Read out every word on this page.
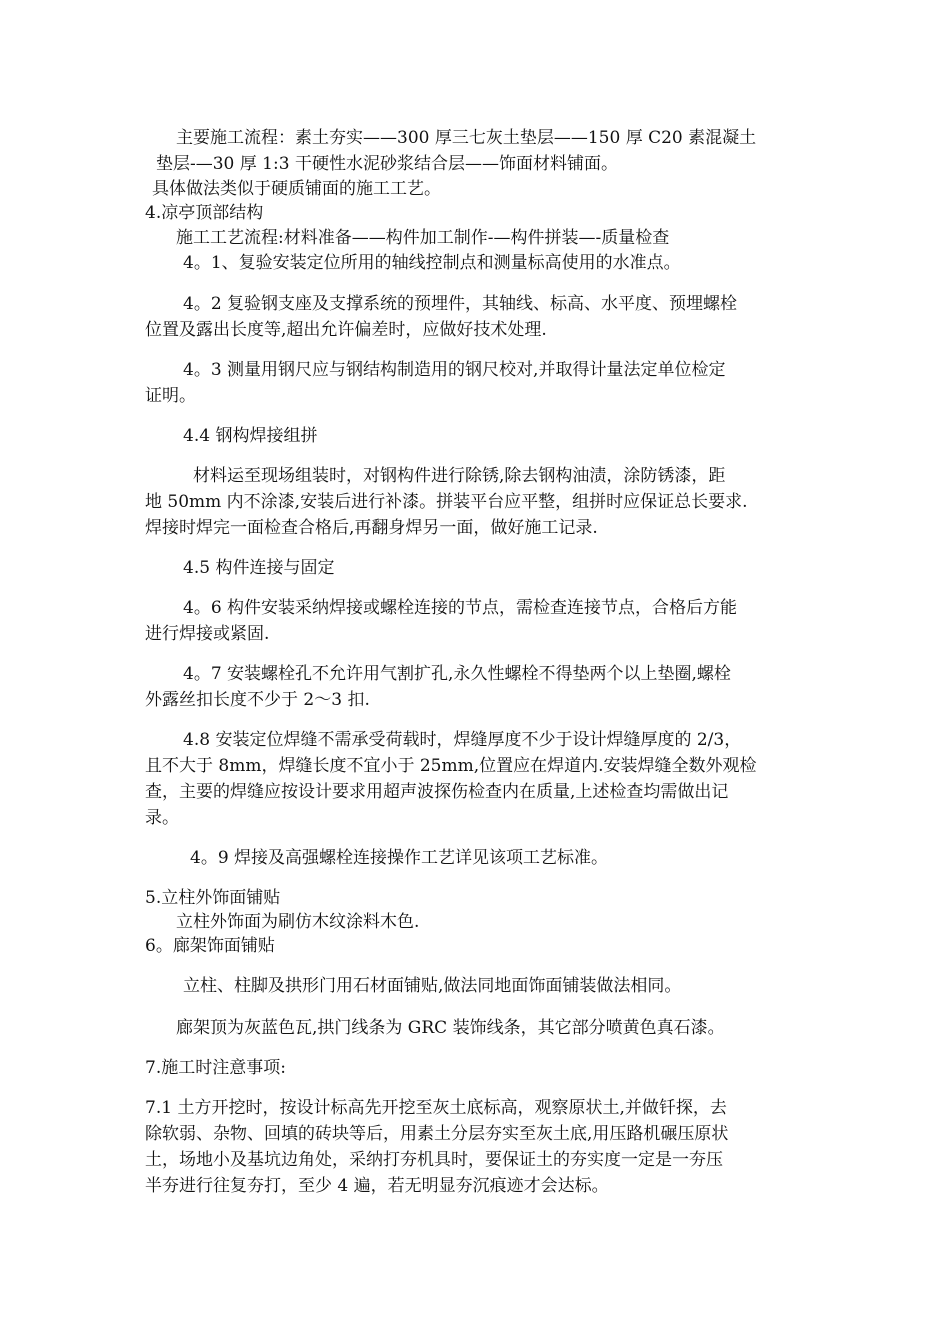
主要施工流程：素土夯实——300 厚三七灰土垫层——150 厚 C20 素混凝土
垫层-—30 厚 1:3 干硬性水泥砂浆结合层——饰面材料铺面。
具体做法类似于硬质铺面的施工工艺。
4.凉亭顶部结构
施工工艺流程:材料准备——构件加工制作-—构件拼装—-质量检查
4。1、复验安装定位所用的轴线控制点和测量标高使用的水准点。
4。2 复验钢支座及支撑系统的预埋件，其轴线、标高、水平度、预埋螺栓
位置及露出长度等,超出允许偏差时，应做好技术处理.
4。3 测量用钢尺应与钢结构制造用的钢尺校对,并取得计量法定单位检定
证明。
4.4 钢构焊接组拼
材料运至现场组装时，对钢构件进行除锈,除去钢构油渍，涂防锈漆，距
地 50mm 内不涂漆,安装后进行补漆。拼装平台应平整，组拼时应保证总长要求.
焊接时焊完一面检查合格后,再翻身焊另一面，做好施工记录.
4.5 构件连接与固定
4。6 构件安装采纳焊接或螺栓连接的节点，需检查连接节点，合格后方能
进行焊接或紧固.
4。7 安装螺栓孔不允许用气割扩孔,永久性螺栓不得垫两个以上垫圈,螺栓
外露丝扣长度不少于 2～3 扣.
4.8 安装定位焊缝不需承受荷载时，焊缝厚度不少于设计焊缝厚度的 2/3，
且不大于 8mm，焊缝长度不宜小于 25mm,位置应在焊道内.安装焊缝全数外观检
查，主要的焊缝应按设计要求用超声波探伤检查内在质量,上述检查均需做出记
录。
4。9 焊接及高强螺栓连接操作工艺详见该项工艺标准。
5.立柱外饰面铺贴
立柱外饰面为刷仿木纹涂料木色.
6。廊架饰面铺贴
立柱、柱脚及拱形门用石材面铺贴,做法同地面饰面铺装做法相同。
廊架顶为灰蓝色瓦,拱门线条为 GRC 装饰线条，其它部分喷黄色真石漆。
7.施工时注意事项:
7.1 土方开挖时，按设计标高先开挖至灰土底标高，观察原状土,并做钎探，去
除软弱、杂物、回填的砖块等后，用素土分层夯实至灰土底,用压路机碾压原状
土，场地小及基坑边角处，采纳打夯机具时，要保证土的夯实度一定是一夯压
半夯进行往复夯打，至少 4 遍，若无明显夯沉痕迹才会达标。
